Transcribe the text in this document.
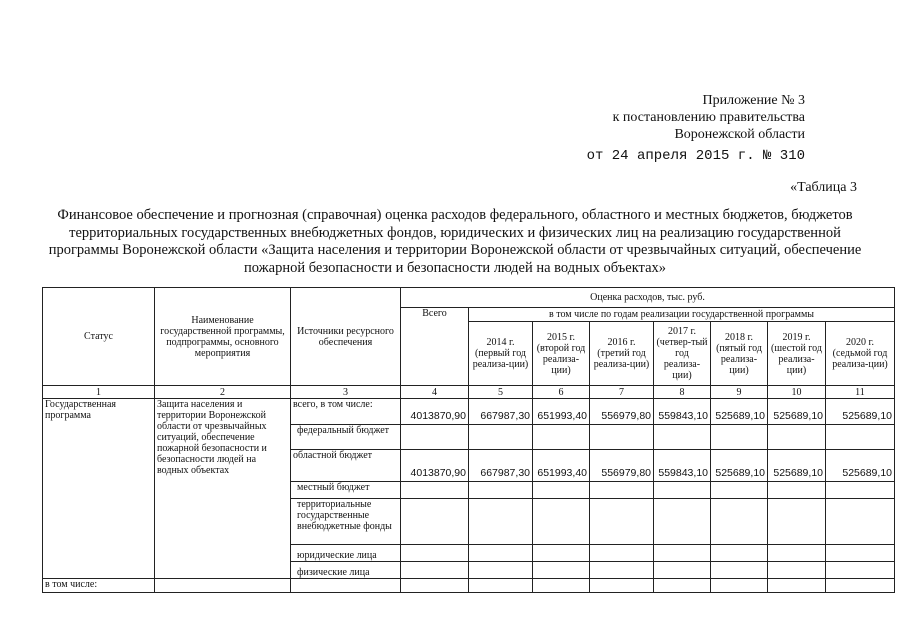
Приложение № 3
к постановлению правительства
Воронежской области
от 24 апреля 2015 г. № 310
«Таблица 3
Финансовое обеспечение и прогнозная (справочная) оценка расходов федерального, областного и местных бюджетов, бюджетов территориальных государственных внебюджетных фондов, юридических и физических лиц на реализацию государственной программы Воронежской области «Защита населения и территории Воронежской области от чрезвычайных ситуаций, обеспечение пожарной безопасности и безопасности людей на водных объектах»
Статус	Наименование государственной программы, подпрограммы, основного мероприятия	Источники ресурсного обеспечения	Оценка расходов, тыс. руб.							
			Всего	в том числе по годам реализации государственной программы						
				2014 г. (первый год реализа-ции)	2015 г. (второй год реализа-ции)	2016 г. (третий год реализа-ции)	2017 г. (четвер-тый год реализа-ции)	2018 г. (пятый год реализа-ции)	2019 г. (шестой год реализа-ции)	2020 г. (седьмой год реализа-ции)
1	2	3	4	5	6	7	8	9	10	11
Государственная программа	Защита населения и территории Воронежской области от чрезвычайных ситуаций, обеспечение пожарной безопасности и безопасности людей на водных объектах	всего, в том числе:	4013870,90	667987,30	651993,40	556979,80	559843,10	525689,10	525689,10	525689,10
		федеральный бюджет								
		областной бюджет	4013870,90	667987,30	651993,40	556979,80	559843,10	525689,10	525689,10	525689,10
		местный бюджет								
		территориальные государственные внебюджетные фонды								
		юридические лица								
		физические лица								
в том числе:										
